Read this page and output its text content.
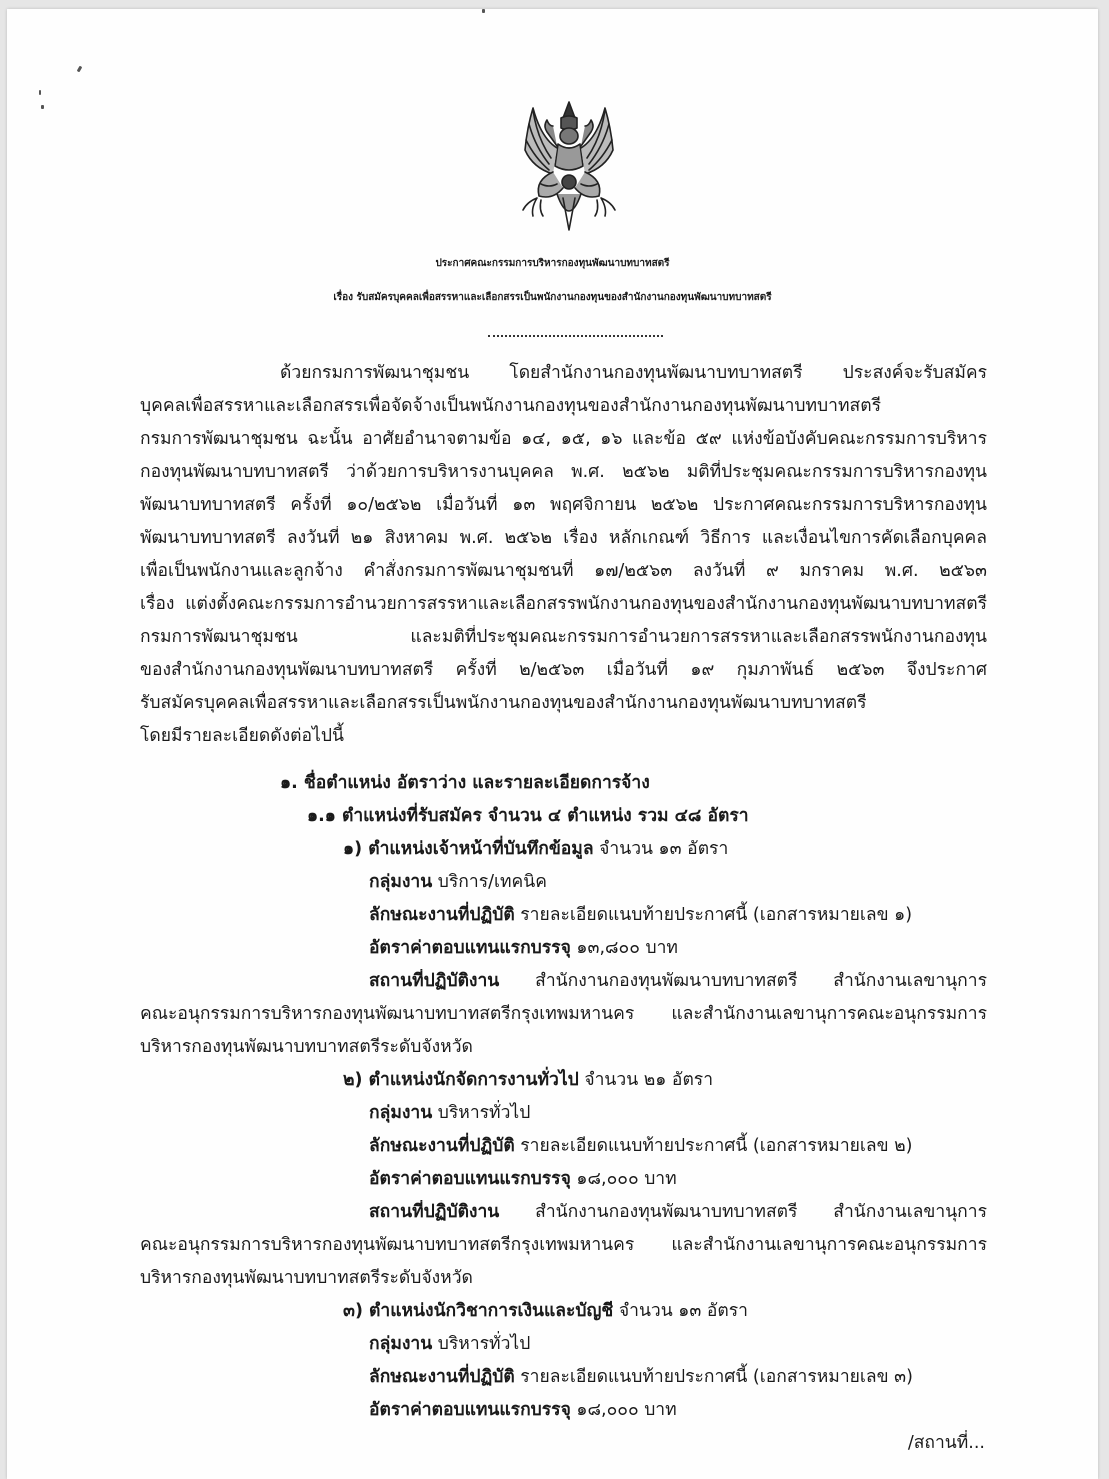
ประกาศคณะกรรมการบริหารกองทุนพัฒนาบทบาทสตรี
เรื่อง รับสมัครบุคคลเพื่อสรรหาและเลือกสรรเป็นพนักงานกองทุนของสำนักงานกองทุนพัฒนาบทบาทสตรี
ด้วยกรมการพัฒนาชุมชน โดยสำนักงานกองทุนพัฒนาบทบาทสตรี ประสงค์จะรับสมัคร
บุคคลเพื่อสรรหาและเลือกสรรเพื่อจัดจ้างเป็นพนักงานกองทุนของสำนักงานกองทุนพัฒนาบทบาทสตรี
กรมการพัฒนาชุมชน ฉะนั้น อาศัยอำนาจตามข้อ ๑๔, ๑๕, ๑๖ และข้อ ๕๙ แห่งข้อบังคับคณะกรรมการบริหาร
กองทุนพัฒนาบทบาทสตรี ว่าด้วยการบริหารงานบุคคล พ.ศ. ๒๕๖๒ มติที่ประชุมคณะกรรมการบริหารกองทุน
พัฒนาบทบาทสตรี ครั้งที่ ๑๐/๒๕๖๒ เมื่อวันที่ ๑๓ พฤศจิกายน ๒๕๖๒ ประกาศคณะกรรมการบริหารกองทุน
พัฒนาบทบาทสตรี ลงวันที่ ๒๑ สิงหาคม พ.ศ. ๒๕๖๒ เรื่อง หลักเกณฑ์ วิธีการ และเงื่อนไขการคัดเลือกบุคคล
เพื่อเป็นพนักงานและลูกจ้าง คำสั่งกรมการพัฒนาชุมชนที่ ๑๗/๒๕๖๓ ลงวันที่ ๙ มกราคม พ.ศ. ๒๕๖๓
เรื่อง แต่งตั้งคณะกรรมการอำนวยการสรรหาและเลือกสรรพนักงานกองทุนของสำนักงานกองทุนพัฒนาบทบาทสตรี
กรมการพัฒนาชุมชน และมติที่ประชุมคณะกรรมการอำนวยการสรรหาและเลือกสรรพนักงานกองทุน
ของสำนักงานกองทุนพัฒนาบทบาทสตรี ครั้งที่ ๒/๒๕๖๓ เมื่อวันที่ ๑๙ กุมภาพันธ์ ๒๕๖๓ จึงประกาศ
รับสมัครบุคคลเพื่อสรรหาและเลือกสรรเป็นพนักงานกองทุนของสำนักงานกองทุนพัฒนาบทบาทสตรี
โดยมีรายละเอียดดังต่อไปนี้
๑. ชื่อตำแหน่ง อัตราว่าง และรายละเอียดการจ้าง
๑.๑ ตำแหน่งที่รับสมัคร จำนวน ๔ ตำแหน่ง รวม ๔๘ อัตรา
๑) ตำแหน่งเจ้าหน้าที่บันทึกข้อมูล จำนวน ๑๓ อัตรา
กลุ่มงาน บริการ/เทคนิค
ลักษณะงานที่ปฏิบัติ รายละเอียดแนบท้ายประกาศนี้ (เอกสารหมายเลข ๑)
อัตราค่าตอบแทนแรกบรรจุ ๑๓,๘๐๐ บาท
สถานที่ปฏิบัติงาน สำนักงานกองทุนพัฒนาบทบาทสตรี สำนักงานเลขานุการ
คณะอนุกรรมการบริหารกองทุนพัฒนาบทบาทสตรีกรุงเทพมหานคร และสำนักงานเลขานุการคณะอนุกรรมการ
บริหารกองทุนพัฒนาบทบาทสตรีระดับจังหวัด
๒) ตำแหน่งนักจัดการงานทั่วไป จำนวน ๒๑ อัตรา
กลุ่มงาน บริหารทั่วไป
ลักษณะงานที่ปฏิบัติ รายละเอียดแนบท้ายประกาศนี้ (เอกสารหมายเลข ๒)
อัตราค่าตอบแทนแรกบรรจุ ๑๘,๐๐๐ บาท
สถานที่ปฏิบัติงาน สำนักงานกองทุนพัฒนาบทบาทสตรี สำนักงานเลขานุการ
คณะอนุกรรมการบริหารกองทุนพัฒนาบทบาทสตรีกรุงเทพมหานคร และสำนักงานเลขานุการคณะอนุกรรมการ
บริหารกองทุนพัฒนาบทบาทสตรีระดับจังหวัด
๓) ตำแหน่งนักวิชาการเงินและบัญชี จำนวน ๑๓ อัตรา
กลุ่มงาน บริหารทั่วไป
ลักษณะงานที่ปฏิบัติ รายละเอียดแนบท้ายประกาศนี้ (เอกสารหมายเลข ๓)
อัตราค่าตอบแทนแรกบรรจุ ๑๘,๐๐๐ บาท
/สถานที่...
